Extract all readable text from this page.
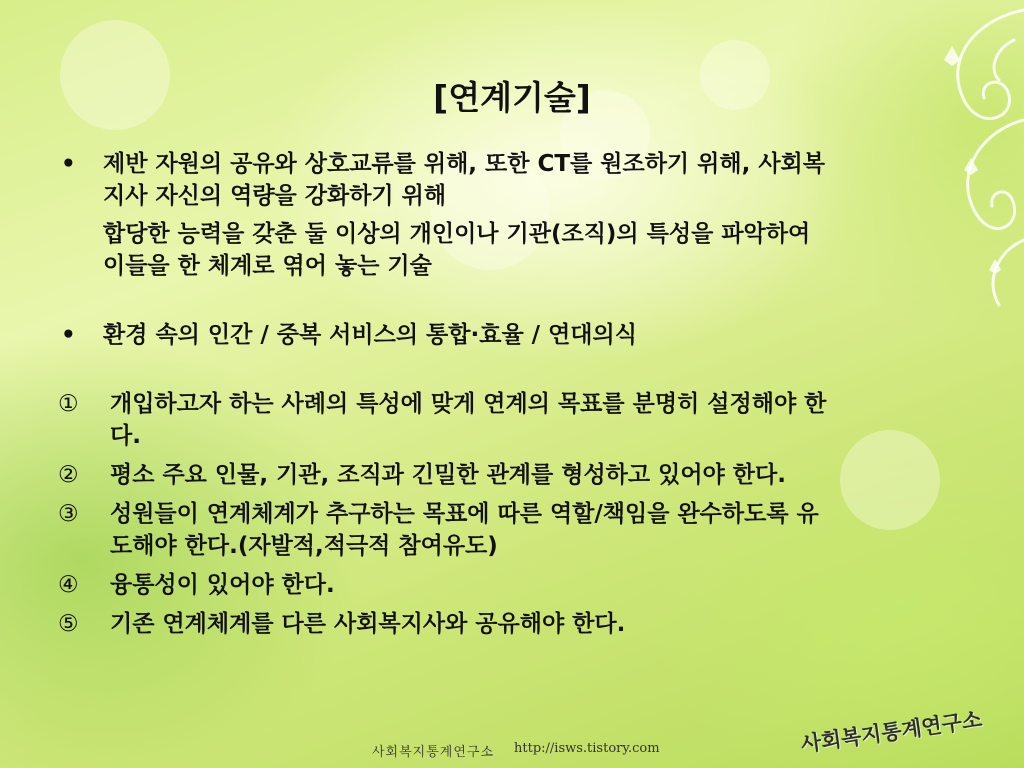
[연계기술]
•	제반 자원의 공유와 상호교류를 위해, 또한 CT를 원조하기 위해, 사회복지사 자신의 역량을 강화하기 위해
합당한 능력을 갖춘 둘 이상의 개인이나 기관(조직)의 특성을 파악하여 이들을 한 체계로 엮어 놓는 기술
•	환경 속의 인간 / 중복 서비스의 통합·효율 / 연대의식
①	개입하고자 하는 사례의 특성에 맞게 연계의 목표를 분명히 설정해야 한다.
②	평소 주요 인물, 기관, 조직과 긴밀한 관계를 형성하고 있어야 한다.
③	성원들이 연계체계가 추구하는 목표에 따른 역할/책임을 완수하도록 유도해야 한다.(자발적,적극적 참여유도)
④	융통성이 있어야 한다.
⑤	기존 연계체계를 다른 사회복지사와 공유해야 한다.
사회복지통계연구소 http://isws.tistory.com	사회복지통계연구소
